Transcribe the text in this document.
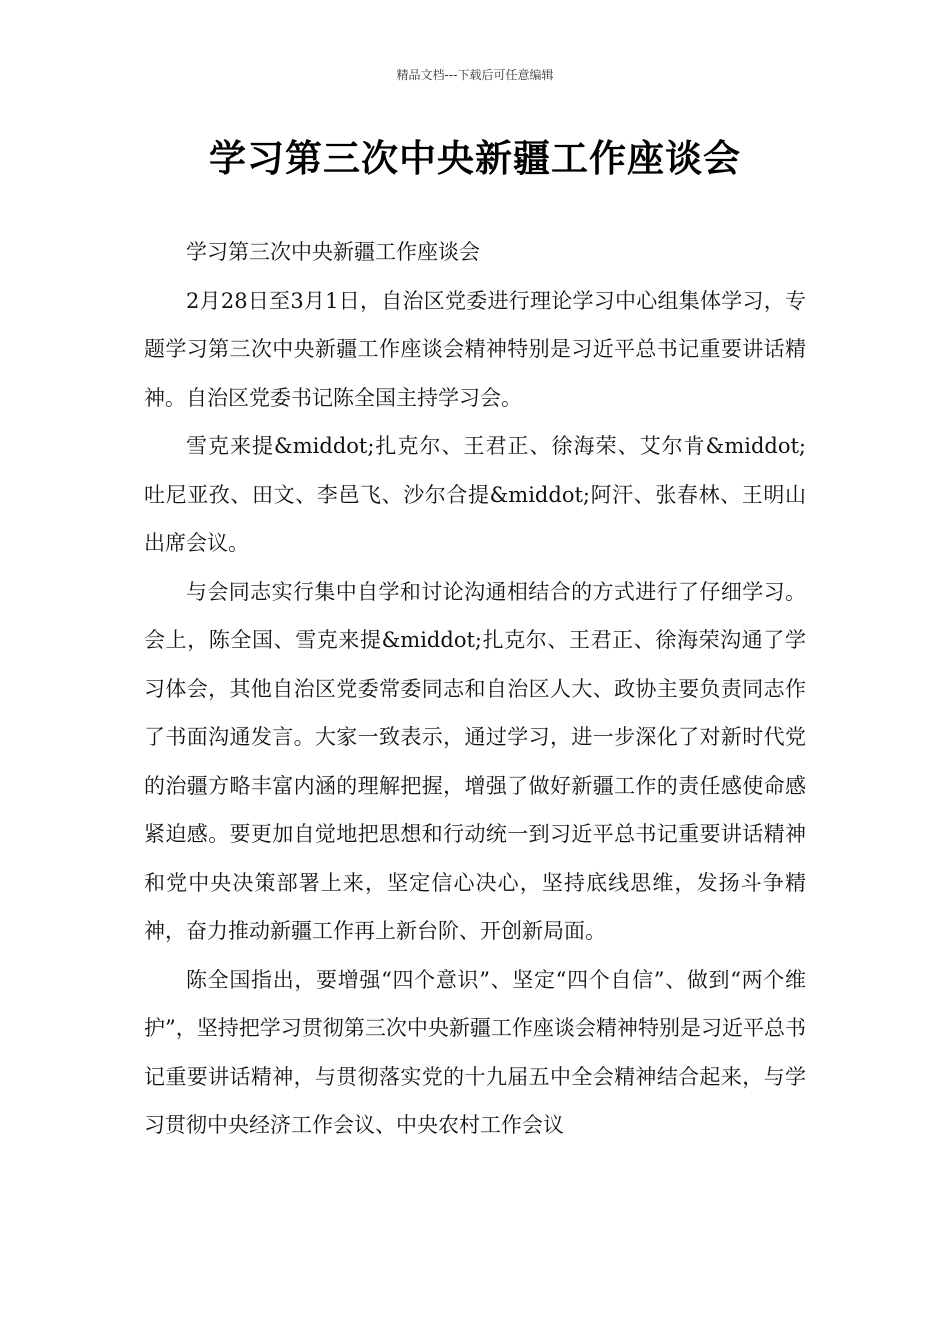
精品文档---下载后可任意编辑
学习第三次中央新疆工作座谈会

学习第三次中央新疆工作座谈会

2月28日至3月1日，自治区党委进行理论学习中心组集体学习，专题学习第三次中央新疆工作座谈会精神特别是习近平总书记重要讲话精神。自治区党委书记陈全国主持学习会。

雪克来提&middot;扎克尔、王君正、徐海荣、艾尔肯&middot;吐尼亚孜、田文、李邑飞、沙尔合提&middot;阿汗、张春林、王明山出席会议。

与会同志实行集中自学和讨论沟通相结合的方式进行了仔细学习。会上，陈全国、雪克来提&middot;扎克尔、王君正、徐海荣沟通了学习体会，其他自治区党委常委同志和自治区人大、政协主要负责同志作了书面沟通发言。大家一致表示，通过学习，进一步深化了对新时代党的治疆方略丰富内涵的理解把握，增强了做好新疆工作的责任感使命感紧迫感。要更加自觉地把思想和行动统一到习近平总书记重要讲话精神和党中央决策部署上来，坚定信心决心，坚持底线思维，发扬斗争精神，奋力推动新疆工作再上新台阶、开创新局面。

陈全国指出，要增强“四个意识”、坚定“四个自信”、做到“两个维护”，坚持把学习贯彻第三次中央新疆工作座谈会精神特别是习近平总书记重要讲话精神，与贯彻落实党的十九届五中全会精神结合起来，与学习贯彻中央经济工作会议、中央农村工作会议
